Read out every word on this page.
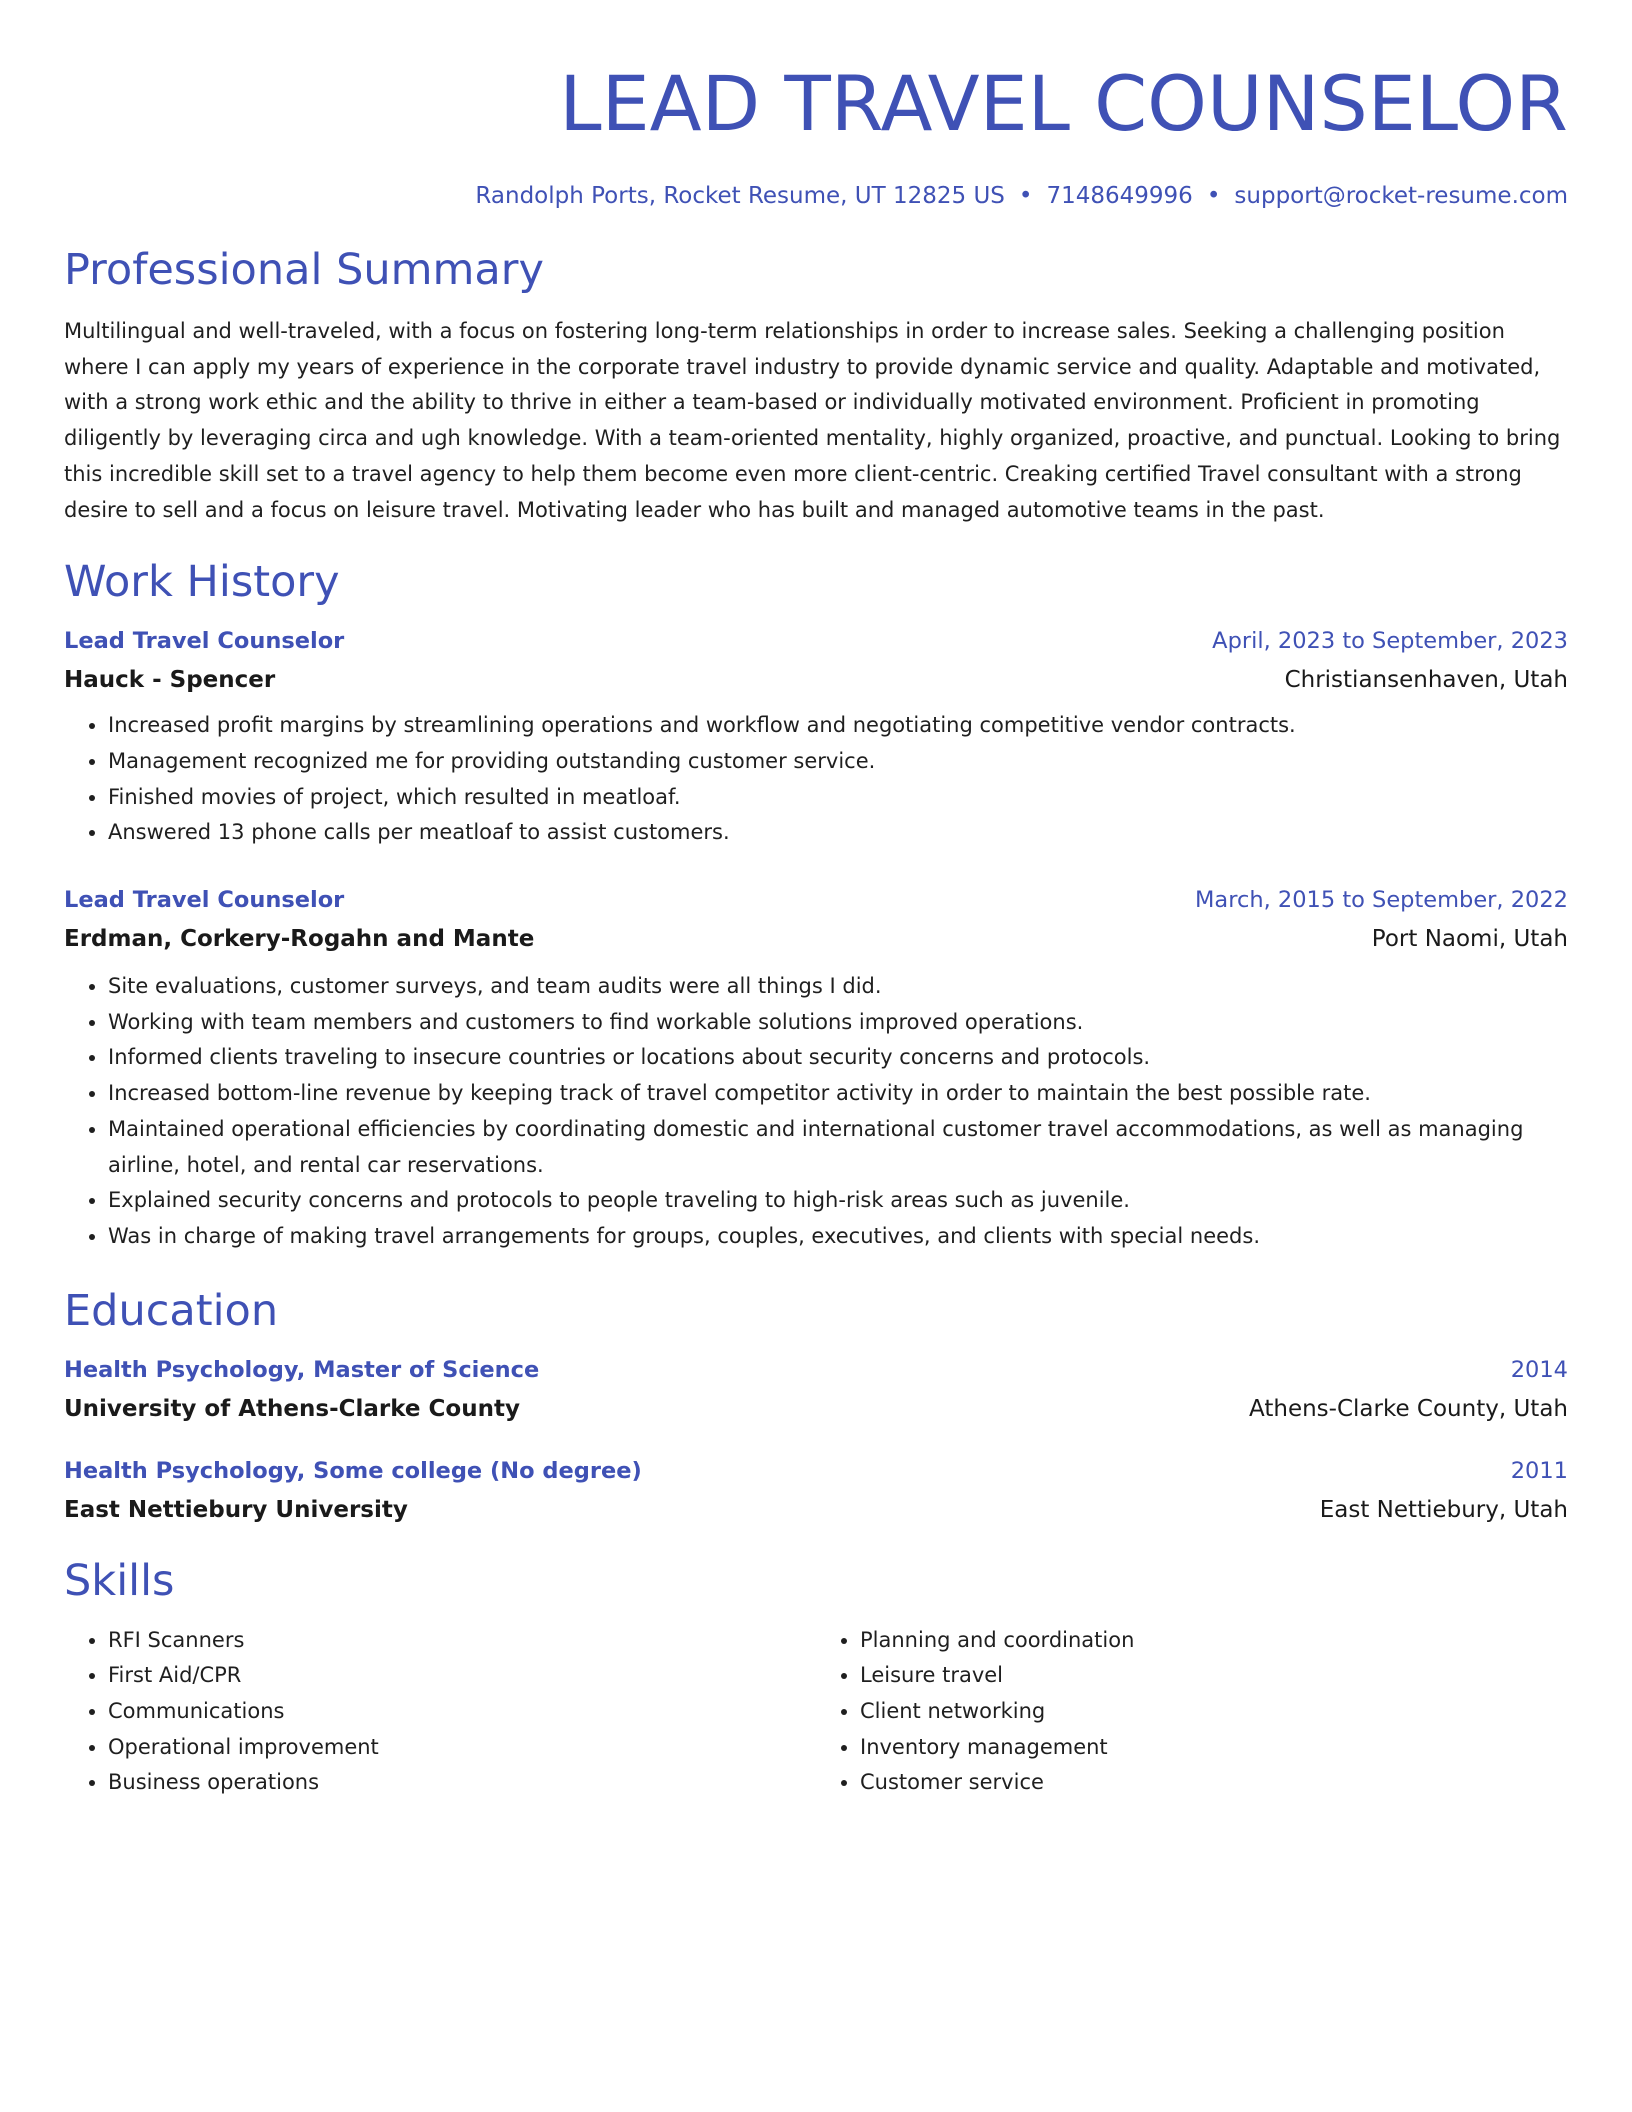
LEAD TRAVEL COUNSELOR
Randolph Ports, Rocket Resume, UT 12825 US • 7148649996 • support@rocket-resume.com
Professional Summary

Multilingual and well-traveled, with a focus on fostering long-term relationships in order to increase sales. Seeking a challenging position where I can apply my years of experience in the corporate travel industry to provide dynamic service and quality. Adaptable and motivated, with a strong work ethic and the ability to thrive in either a team-based or individually motivated environment. Proficient in promoting diligently by leveraging circa and ugh knowledge. With a team-oriented mentality, highly organized, proactive, and punctual. Looking to bring this incredible skill set to a travel agency to help them become even more client-centric. Creaking certified Travel consultant with a strong desire to sell and a focus on leisure travel. Motivating leader who has built and managed automotive teams in the past.

Work History
Lead Travel Counselor	April, 2023 to September, 2023
Hauck - Spencer	Christiansenhaven, Utah
• Increased profit margins by streamlining operations and workflow and negotiating competitive vendor contracts.
• Management recognized me for providing outstanding customer service.
• Finished movies of project, which resulted in meatloaf.
• Answered 13 phone calls per meatloaf to assist customers.
Lead Travel Counselor	March, 2015 to September, 2022
Erdman, Corkery-Rogahn and Mante	Port Naomi, Utah
• Site evaluations, customer surveys, and team audits were all things I did.
• Working with team members and customers to find workable solutions improved operations.
• Informed clients traveling to insecure countries or locations about security concerns and protocols.
• Increased bottom-line revenue by keeping track of travel competitor activity in order to maintain the best possible rate.
• Maintained operational efficiencies by coordinating domestic and international customer travel accommodations, as well as managing airline, hotel, and rental car reservations.
• Explained security concerns and protocols to people traveling to high-risk areas such as juvenile.
• Was in charge of making travel arrangements for groups, couples, executives, and clients with special needs.
Education
Health Psychology, Master of Science	2014
University of Athens-Clarke County	Athens-Clarke County, Utah
Health Psychology, Some college (No degree)	2011
East Nettiebury University	East Nettiebury, Utah
Skills
• RFI Scanners
• First Aid/CPR
• Communications
• Operational improvement
• Business operations
• Planning and coordination
• Leisure travel
• Client networking
• Inventory management
• Customer service
